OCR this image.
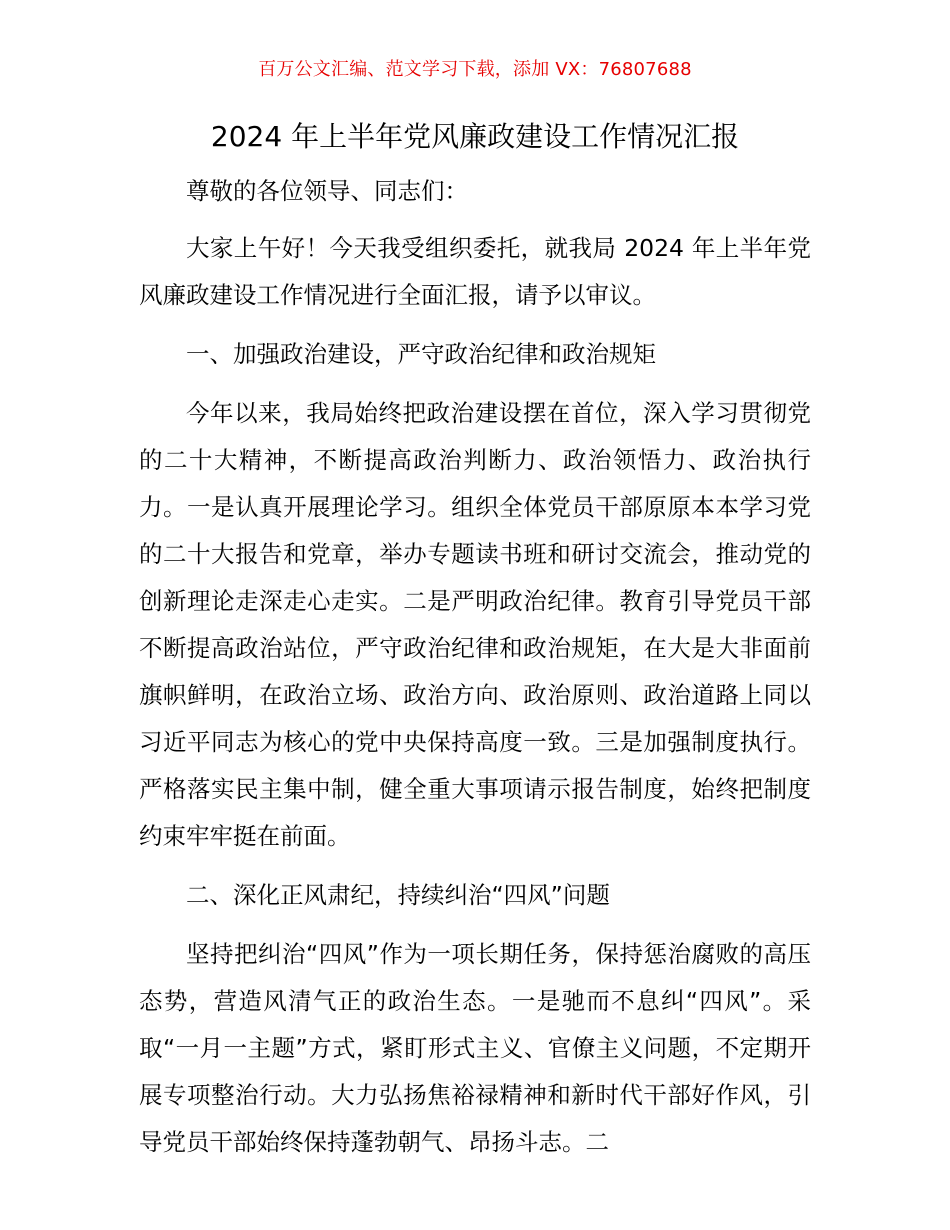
百万公文汇编、范文学习下载，添加 VX：76807688
2024 年上半年党风廉政建设工作情况汇报

尊敬的各位领导、同志们：

大家上午好！今天我受组织委托，就我局 2024 年上半年党风廉政建设工作情况进行全面汇报，请予以审议。

一、加强政治建设，严守政治纪律和政治规矩

今年以来，我局始终把政治建设摆在首位，深入学习贯彻党的二十大精神，不断提高政治判断力、政治领悟力、政治执行力。一是认真开展理论学习。组织全体党员干部原原本本学习党的二十大报告和党章，举办专题读书班和研讨交流会，推动党的创新理论走深走心走实。二是严明政治纪律。教育引导党员干部不断提高政治站位，严守政治纪律和政治规矩，在大是大非面前旗帜鲜明，在政治立场、政治方向、政治原则、政治道路上同以习近平同志为核心的党中央保持高度一致。三是加强制度执行。严格落实民主集中制，健全重大事项请示报告制度，始终把制度约束牢牢挺在前面。

二、深化正风肃纪，持续纠治“四风”问题

坚持把纠治“四风”作为一项长期任务，保持惩治腐败的高压态势，营造风清气正的政治生态。一是驰而不息纠“四风”。采取“一月一主题”方式，紧盯形式主义、官僚主义问题，不定期开展专项整治行动。大力弘扬焦裕禄精神和新时代干部好作风，引导党员干部始终保持蓬勃朝气、昂扬斗志。二
